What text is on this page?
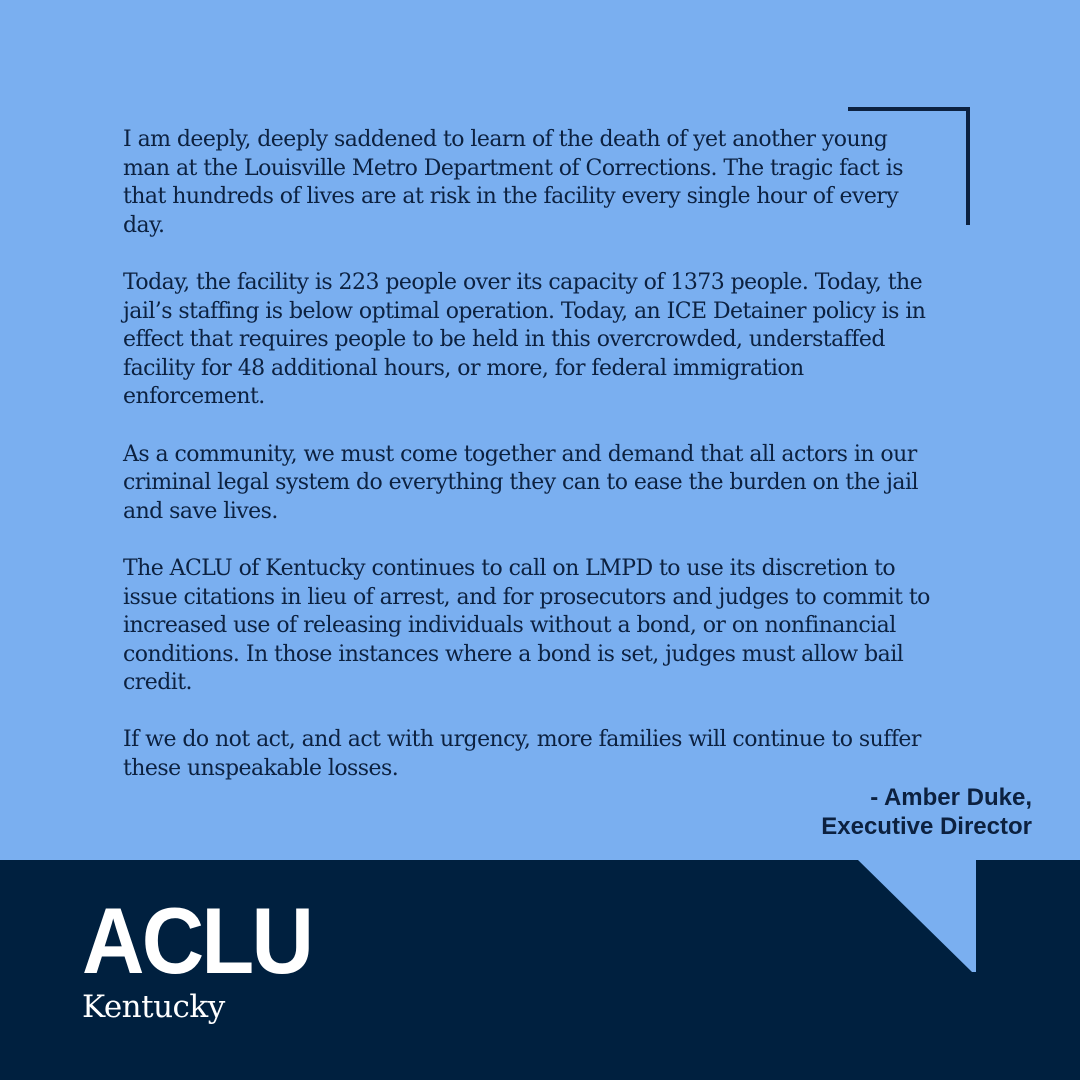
I am deeply, deeply saddened to learn of the death of yet another young man at the Louisville Metro Department of Corrections. The tragic fact is that hundreds of lives are at risk in the facility every single hour of every day.

Today, the facility is 223 people over its capacity of 1373 people. Today, the jail’s staffing is below optimal operation. Today, an ICE Detainer policy is in effect that requires people to be held in this overcrowded, understaffed facility for 48 additional hours, or more, for federal immigration enforcement.

As a community, we must come together and demand that all actors in our criminal legal system do everything they can to ease the burden on the jail and save lives.

The ACLU of Kentucky continues to call on LMPD to use its discretion to issue citations in lieu of arrest, and for prosecutors and judges to commit to increased use of releasing individuals without a bond, or on nonfinancial conditions. In those instances where a bond is set, judges must allow bail credit.

If we do not act, and act with urgency, more families will continue to suffer these unspeakable losses.

- Amber Duke,
Executive Director
ACLU
Kentucky
